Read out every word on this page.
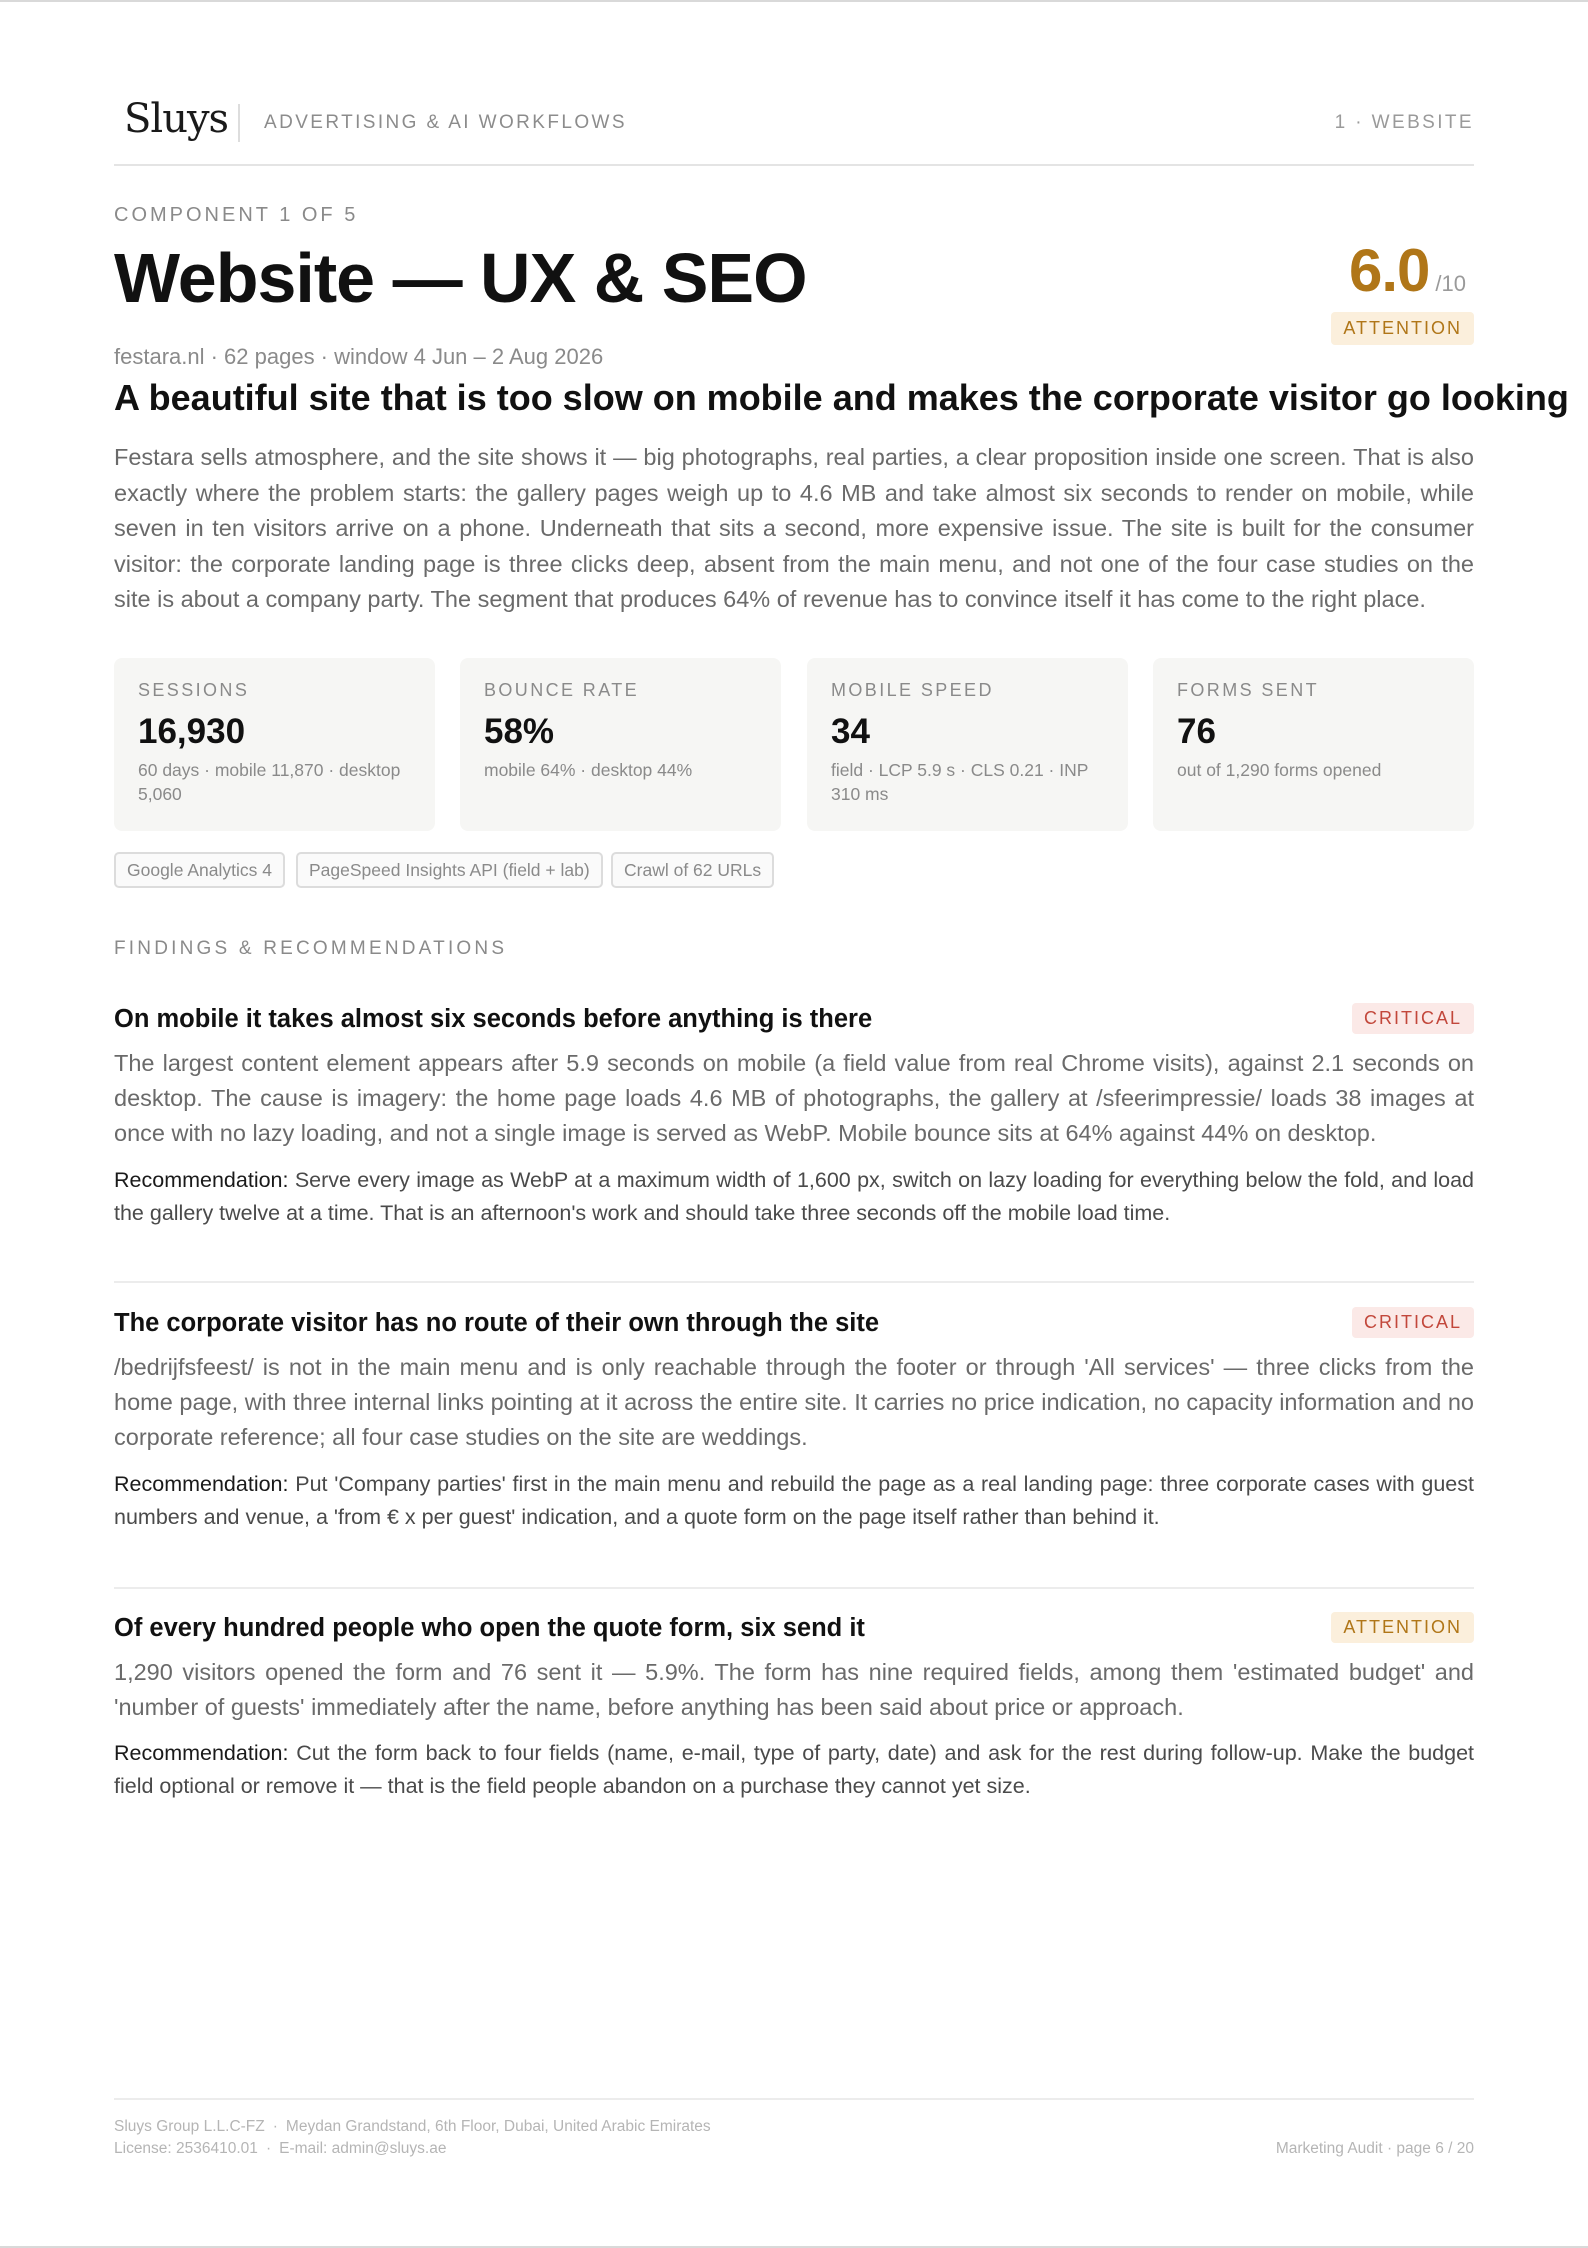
Sluys ADVERTISING & AI WORKFLOWS	1 · WEBSITE
COMPONENT 1 OF 5
Website — UX & SEO	6.0 /10
ATTENTION
festara.nl · 62 pages · window 4 Jun – 2 Aug 2026
A beautiful site that is too slow on mobile and makes the corporate visitor go looking

Festara sells atmosphere, and the site shows it — big photographs, real parties, a clear proposition inside one screen. That is also exactly where the problem starts: the gallery pages weigh up to 4.6 MB and take almost six seconds to render on mobile, while seven in ten visitors arrive on a phone. Underneath that sits a second, more expensive issue. The site is built for the consumer visitor: the corporate landing page is three clicks deep, absent from the main menu, and not one of the four case studies on the site is about a company party. The segment that produces 64% of revenue has to convince itself it has come to the right place.

SESSIONS
16,930
60 days · mobile 11,870 · desktop 5,060
BOUNCE RATE
58%
mobile 64% · desktop 44%
MOBILE SPEED
34
field · LCP 5.9 s · CLS 0.21 · INP 310 ms
FORMS SENT
76
out of 1,290 forms opened
Google Analytics 4	PageSpeed Insights API (field + lab)	Crawl of 62 URLs
FINDINGS & RECOMMENDATIONS
On mobile it takes almost six seconds before anything is there	CRITICAL

The largest content element appears after 5.9 seconds on mobile (a field value from real Chrome visits), against 2.1 seconds on desktop. The cause is imagery: the home page loads 4.6 MB of photographs, the gallery at /sfeerimpressie/ loads 38 images at once with no lazy loading, and not a single image is served as WebP. Mobile bounce sits at 64% against 44% on desktop.

Recommendation: Serve every image as WebP at a maximum width of 1,600 px, switch on lazy loading for everything below the fold, and load the gallery twelve at a time. That is an afternoon's work and should take three seconds off the mobile load time.

The corporate visitor has no route of their own through the site	CRITICAL

/bedrijfsfeest/ is not in the main menu and is only reachable through the footer or through 'All services' — three clicks from the home page, with three internal links pointing at it across the entire site. It carries no price indication, no capacity information and no corporate reference; all four case studies on the site are weddings.

Recommendation: Put 'Company parties' first in the main menu and rebuild the page as a real landing page: three corporate cases with guest numbers and venue, a 'from € x per guest' indication, and a quote form on the page itself rather than behind it.

Of every hundred people who open the quote form, six send it	ATTENTION

1,290 visitors opened the form and 76 sent it — 5.9%. The form has nine required fields, among them 'estimated budget' and 'number of guests' immediately after the name, before anything has been said about price or approach.

Recommendation: Cut the form back to four fields (name, e-mail, type of party, date) and ask for the rest during follow-up. Make the budget field optional or remove it — that is the field people abandon on a purchase they cannot yet size.

Sluys Group L.L.C-FZ · Meydan Grandstand, 6th Floor, Dubai, United Arabic Emirates
License: 2536410.01 · E-mail: admin@sluys.ae	Marketing Audit · page 6 / 20
